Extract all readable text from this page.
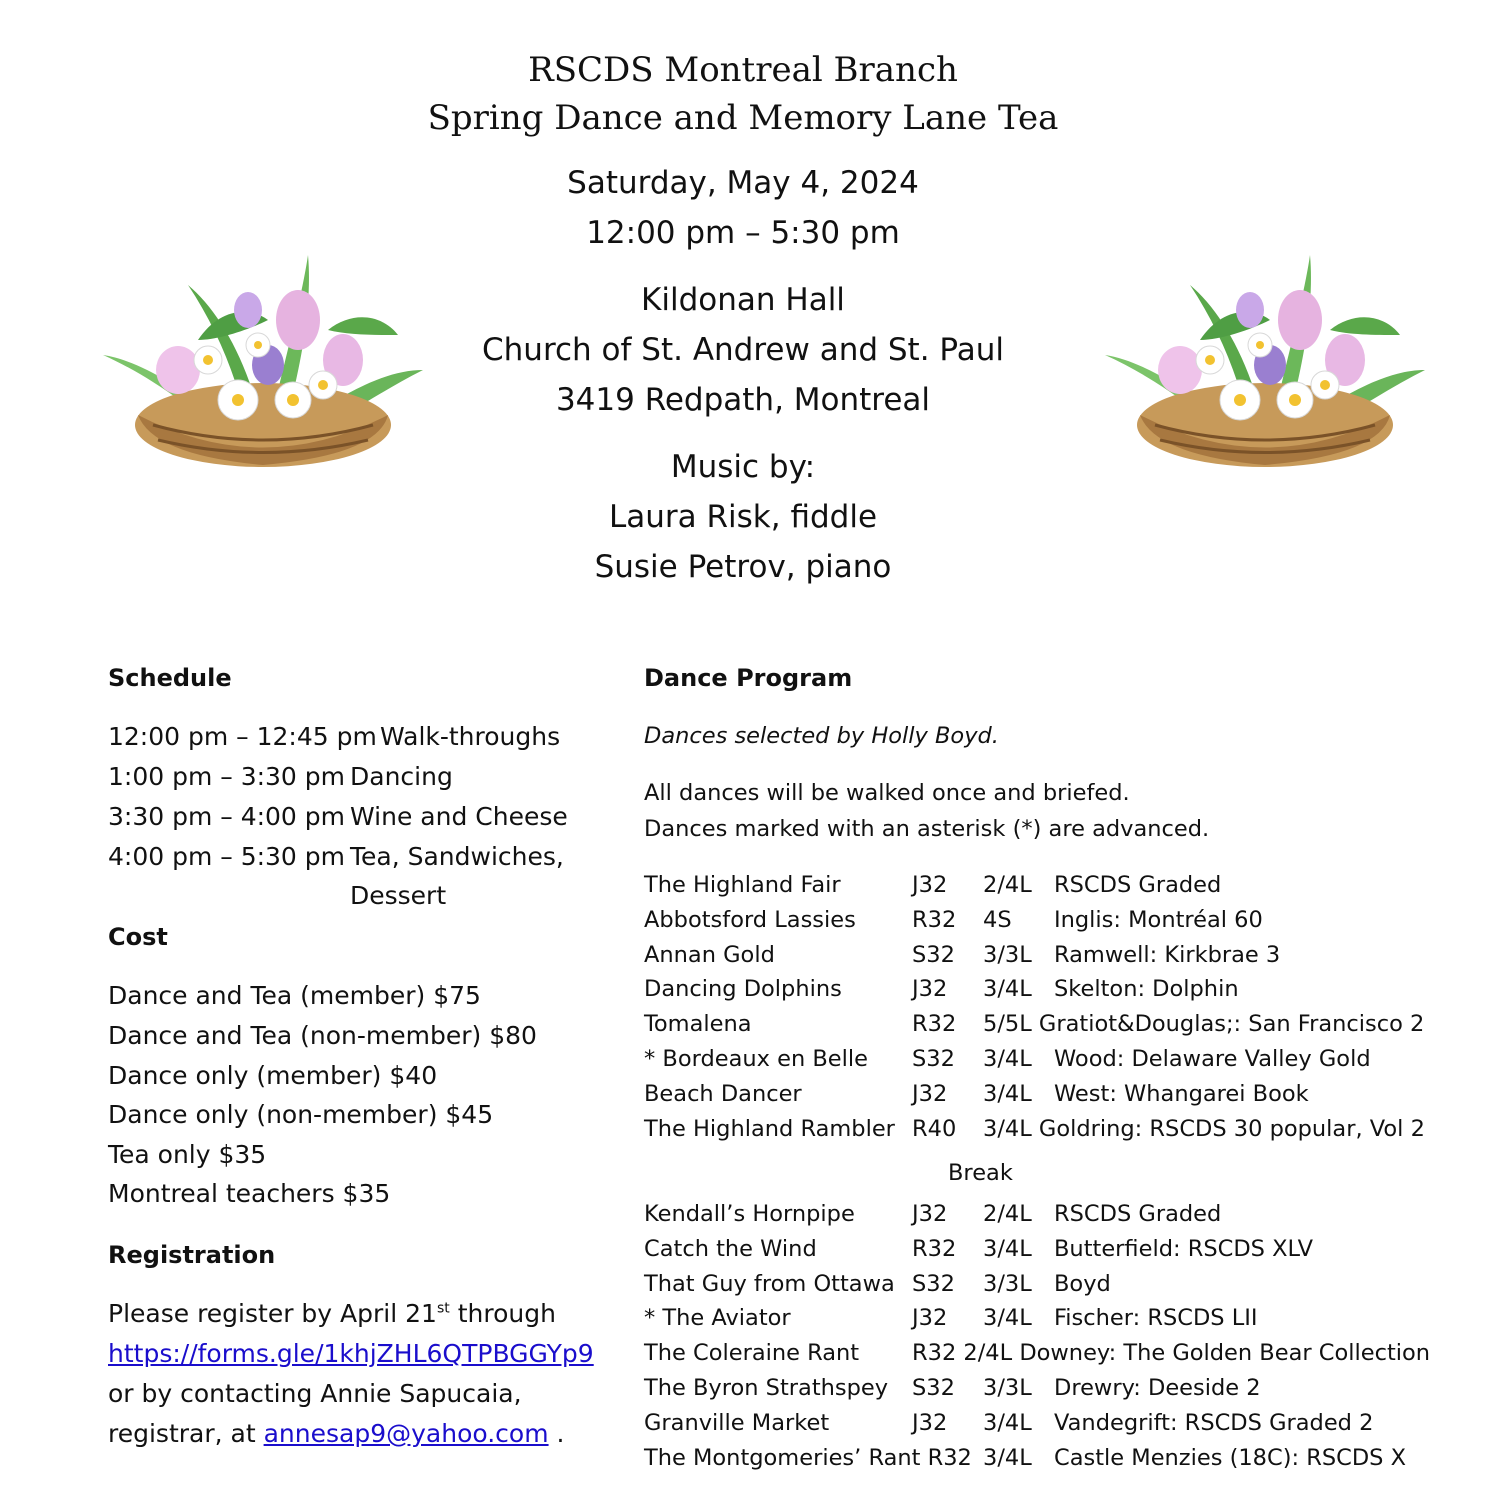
RSCDS Montreal Branch
Spring Dance and Memory Lane Tea
Saturday, May 4, 2024
12:00 pm – 5:30 pm
Kildonan Hall
Church of St. Andrew and St. Paul
3419 Redpath, Montreal
Music by:
Laura Risk, fiddle
Susie Petrov, piano
Schedule
12:00 pm – 12:45 pm Walk-throughs
1:00 pm – 3:30 pm Dancing
3:30 pm – 4:00 pm Wine and Cheese
4:00 pm – 5:30 pm Tea, Sandwiches,
Dessert
Cost
Dance and Tea (member) $75
Dance and Tea (non-member) $80
Dance only (member) $40
Dance only (non-member) $45
Tea only $35
Montreal teachers $35
Registration
Please register by April 21st through
https://forms.gle/1khjZHL6QTPBGGYp9
or by contacting Annie Sapucaia,
registrar, at annesap9@yahoo.com .
Dance Program
Dances selected by Holly Boyd.
All dances will be walked once and briefed.
Dances marked with an asterisk (*) are advanced.
The Highland Fair	J32 2/4L RSCDS Graded
Abbotsford Lassies R32 4S Inglis: Montréal 60
Annan Gold	S32 3/3L Ramwell: Kirkbrae 3
Dancing Dolphins	J32 3/4L Skelton: Dolphin
Tomalena	R32 5/5L Gratiot&Douglas;: San Francisco 2
* Bordeaux en Belle S32 3/4L Wood: Delaware Valley Gold
Beach Dancer	J32 3/4L West: Whangarei Book
The Highland Rambler R40 3/4L Goldring: RSCDS 30 popular, Vol 2
Break
Kendall’s Hornpipe	J32 2/4L RSCDS Graded
Catch the Wind	R32 3/4L Butterfield: RSCDS XLV
That Guy from Ottawa S32 3/3L Boyd
* The Aviator	J32 3/4L Fischer: RSCDS LII
The Coleraine Rant R32 2/4L Downey: The Golden Bear Collection
The Byron Strathspey S32 3/3L Drewry: Deeside 2
Granville Market	J32 3/4L Vandegrift: RSCDS Graded 2
The Montgomeries’ Rant R32 3/4L Castle Menzies (18C): RSCDS X
